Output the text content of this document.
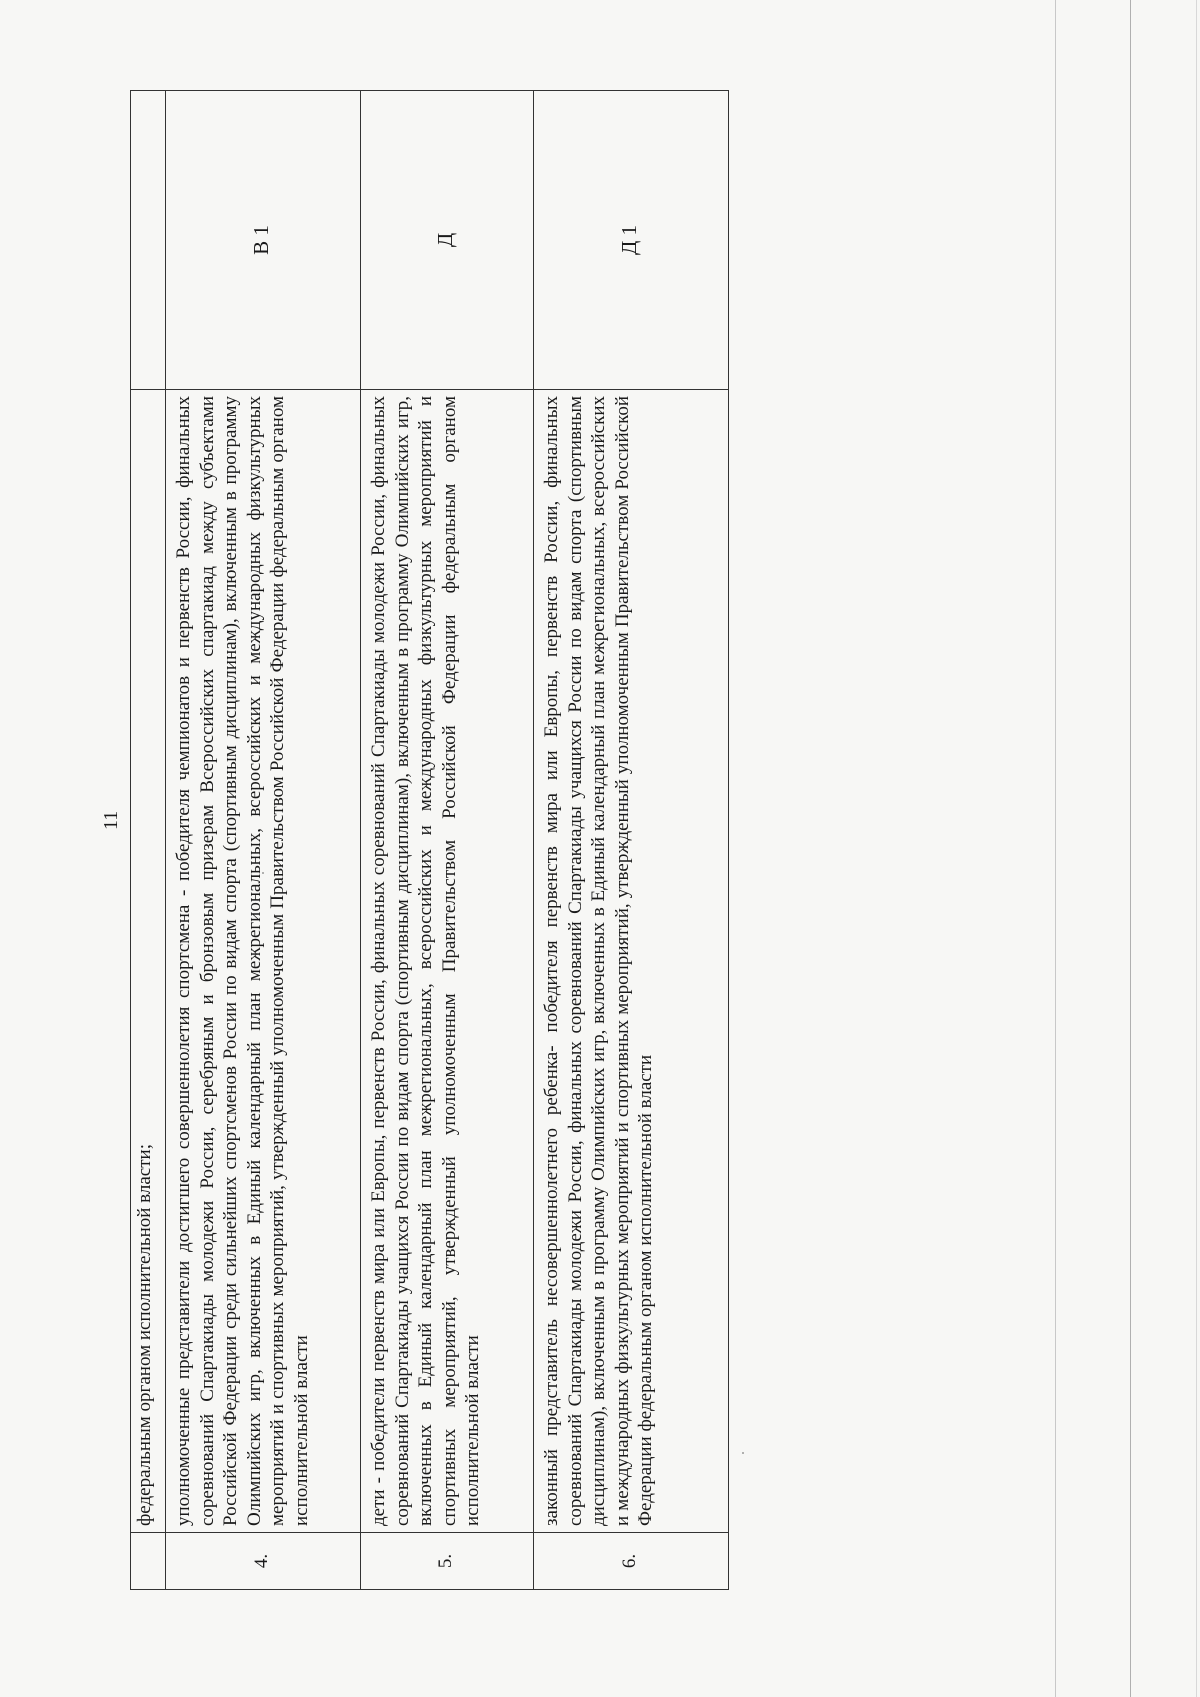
11
	федеральным органом исполнительной власти;	
4.	уполномоченные представители достигшего совершеннолетия спортсмена - победителя чемпионатов и первенств России, финальных соревнований Спартакиады молодежи России, серебряным и бронзовым призерам Всероссийских спартакиад между субъектами Российской Федерации среди сильнейших спортсменов России по видам спорта (спортивным дисциплинам), включенным в программу Олимпийских игр, включенных в Единый календарный план межрегиональных, всероссийских и международных физкультурных мероприятий и спортивных мероприятий, утвержденный уполномоченным Правительством Российской Федерации федеральным органом исполнительной власти	В 1
5.	дети - победители первенств мира или Европы, первенств России, финальных соревнований Спартакиады молодежи России, финальных соревнований Спартакиады учащихся России по видам спорта (спортивным дисциплинам), включенным в программу Олимпийских игр, включенных в Единый календарный план межрегиональных, всероссийских и международных физкультурных мероприятий и спортивных мероприятий, утвержденный уполномоченным Правительством Российской Федерации федеральным органом исполнительной власти	Д
6.	законный представитель несовершеннолетнего ребенка- победителя первенств мира или Европы, первенств России, финальных соревнований Спартакиады молодежи России, финальных соревнований Спартакиады учащихся России по видам спорта (спортивным дисциплинам), включенным в программу Олимпийских игр, включенных в Единый календарный план межрегиональных, всероссийских и международных физкультурных мероприятий и спортивных мероприятий, утвержденный уполномоченным Правительством Российской Федерации федеральным органом исполнительной власти	Д 1
